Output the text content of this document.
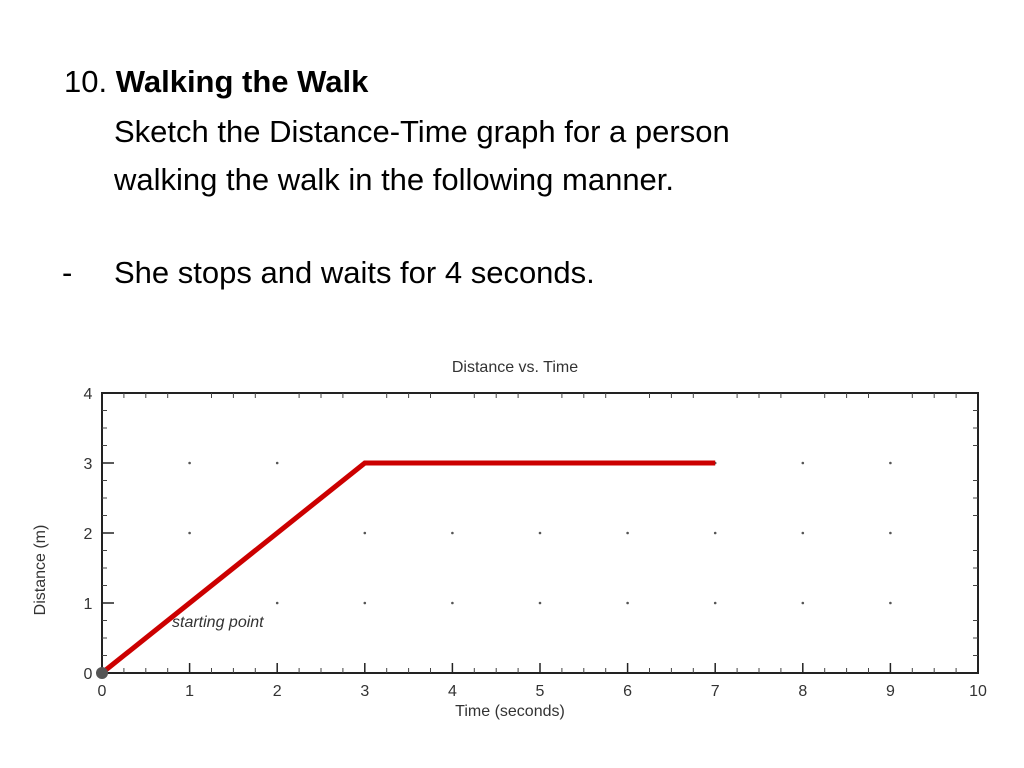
10. Walking the Walk
Sketch the Distance-Time graph for a person
walking the walk in the following manner.
- She stops and waits for 4 seconds.
Distance vs. Time
0	1	2	3	4	5	6	7	8	9	10
0
1
2
3
4
starting point
Time (seconds)
Distance (m)
